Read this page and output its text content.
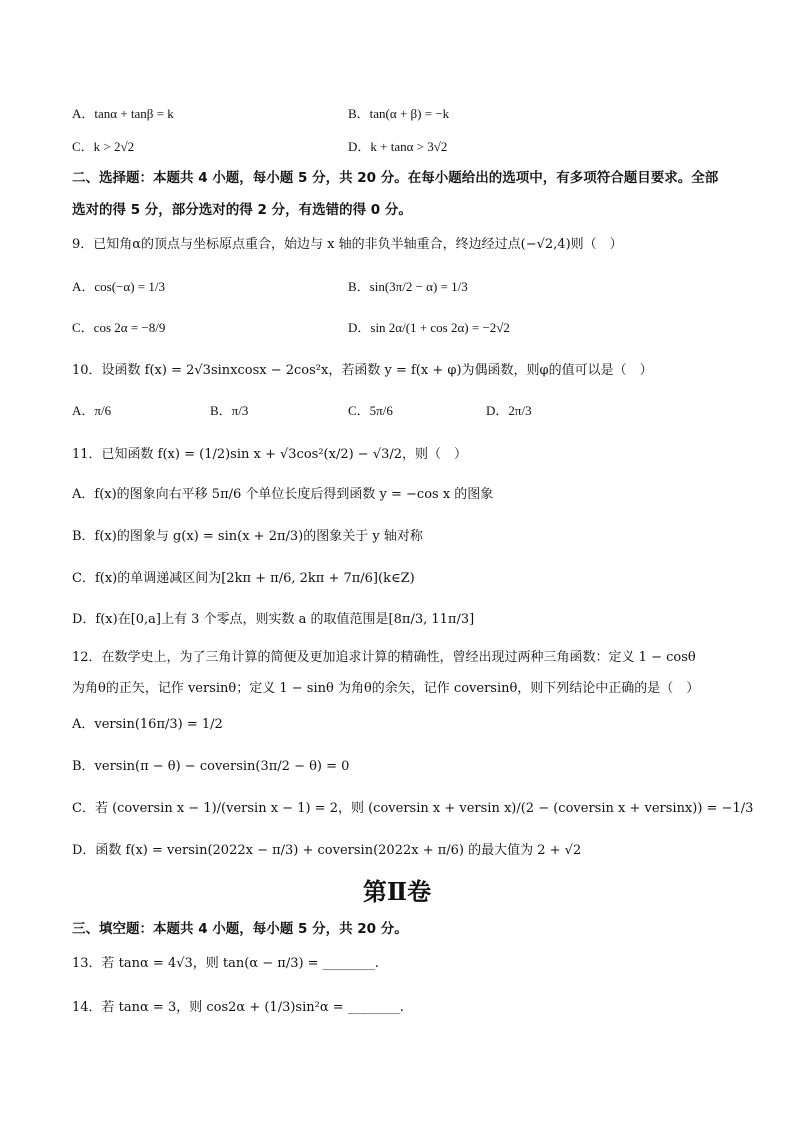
A．tanα + tanβ = k	B．tan(α + β) = −k
C．k > 2√2	D．k + tanα > 3√2
二、选择题：本题共 4 小题，每小题 5 分，共 20 分。在每小题给出的选项中，有多项符合题目要求。全部
选对的得 5 分，部分选对的得 2 分，有选错的得 0 分。
9．已知角α的顶点与坐标原点重合，始边与 x 轴的非负半轴重合，终边经过点(−√2,4)则（　）
A．cos(−α) = 1/3	B．sin(3π/2 − α) = 1/3
C．cos 2α = −8/9	D．sin 2α/(1 + cos 2α) = −2√2
10．设函数 f(x) = 2√3sinxcosx − 2cos²x，若函数 y = f(x + φ)为偶函数，则φ的值可以是（　）
A．π/6	B．π/3	C．5π/6	D．2π/3
11．已知函数 f(x) = (1/2)sin x + √3cos²(x/2) − √3/2，则（　）
A．f(x)的图象向右平移 5π/6 个单位长度后得到函数 y = −cos x 的图象
B．f(x)的图象与 g(x) = sin(x + 2π/3)的图象关于 y 轴对称
C．f(x)的单调递减区间为[2kπ + π/6, 2kπ + 7π/6](k∈Z)
D．f(x)在[0,a]上有 3 个零点，则实数 a 的取值范围是[8π/3, 11π/3]
12．在数学史上，为了三角计算的简便及更加追求计算的精确性，曾经出现过两种三角函数：定义 1 − cosθ
为角θ的正矢，记作 versinθ；定义 1 − sinθ 为角θ的余矢，记作 coversinθ，则下列结论中正确的是（　）
A．versin(16π/3) = 1/2
B．versin(π − θ) − coversin(3π/2 − θ) = 0
C．若 (coversin x − 1)/(versin x − 1) = 2，则 (coversin x + versin x)/(2 − (coversin x + versinx)) = −1/3
D．函数 f(x) = versin(2022x − π/3) + coversin(2022x + π/6) 的最大值为 2 + √2
第Ⅱ卷
三、填空题：本题共 4 小题，每小题 5 分，共 20 分。
13．若 tanα = 4√3，则 tan(α − π/3) = ________.
14．若 tanα = 3，则 cos2α + (1/3)sin²α = ________.
